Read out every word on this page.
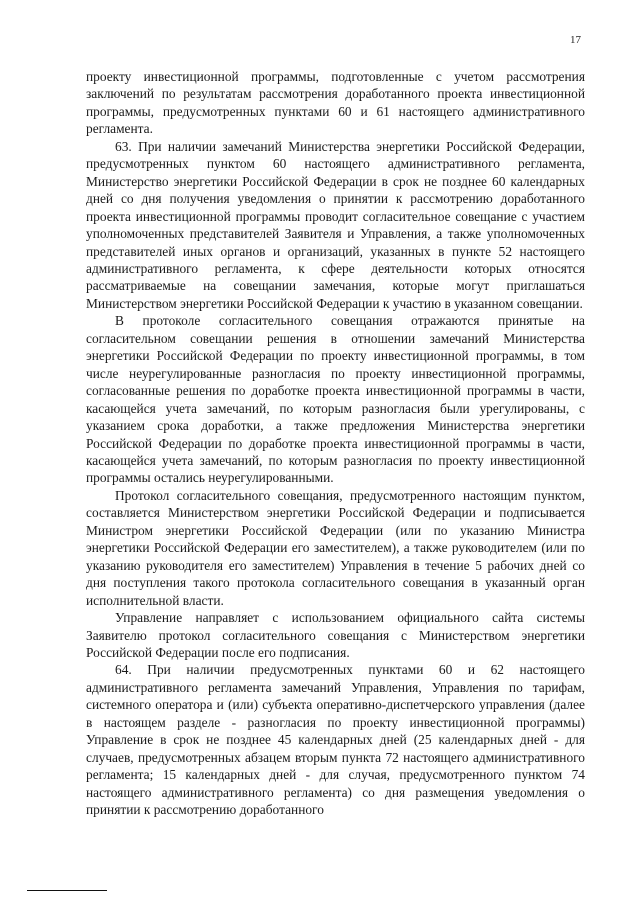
17

проекту инвестиционной программы, подготовленные с учетом рассмотрения заключений по результатам рассмотрения доработанного проекта инвестиционной программы, предусмотренных пунктами 60 и 61 настоящего административного регламента.

63. При наличии замечаний Министерства энергетики Российской Федерации, предусмотренных пунктом 60 настоящего административного регламента, Министерство энергетики Российской Федерации в срок не позднее 60 календарных дней со дня получения уведомления о принятии к рассмотрению доработанного проекта инвестиционной программы проводит согласительное совещание с участием уполномоченных представителей Заявителя и Управления, а также уполномоченных представителей иных органов и организаций, указанных в пункте 52 настоящего административного регламента, к сфере деятельности которых относятся рассматриваемые на совещании замечания, которые могут приглашаться Министерством энергетики Российской Федерации к участию в указанном совещании.

В протоколе согласительного совещания отражаются принятые на согласительном совещании решения в отношении замечаний Министерства энергетики Российской Федерации по проекту инвестиционной программы, в том числе неурегулированные разногласия по проекту инвестиционной программы, согласованные решения по доработке проекта инвестиционной программы в части, касающейся учета замечаний, по которым разногласия были урегулированы, с указанием срока доработки, а также предложения Министерства энергетики Российской Федерации по доработке проекта инвестиционной программы в части, касающейся учета замечаний, по которым разногласия по проекту инвестиционной программы остались неурегулированными.

Протокол согласительного совещания, предусмотренного настоящим пунктом, составляется Министерством энергетики Российской Федерации и подписывается Министром энергетики Российской Федерации (или по указанию Министра энергетики Российской Федерации его заместителем), а также руководителем (или по указанию руководителя его заместителем) Управления в течение 5 рабочих дней со дня поступления такого протокола согласительного совещания в указанный орган исполнительной власти.

Управление направляет с использованием официального сайта системы Заявителю протокол согласительного совещания с Министерством энергетики Российской Федерации после его подписания.

64. При наличии предусмотренных пунктами 60 и 62 настоящего административного регламента замечаний Управления, Управления по тарифам, системного оператора и (или) субъекта оперативно-диспетчерского управления (далее в настоящем разделе - разногласия по проекту инвестиционной программы) Управление в срок не позднее 45 календарных дней (25 календарных дней - для случаев, предусмотренных абзацем вторым пункта 72 настоящего административного регламента; 15 календарных дней - для случая, предусмотренного пунктом 74 настоящего административного регламента) со дня размещения уведомления о принятии к рассмотрению доработанного
